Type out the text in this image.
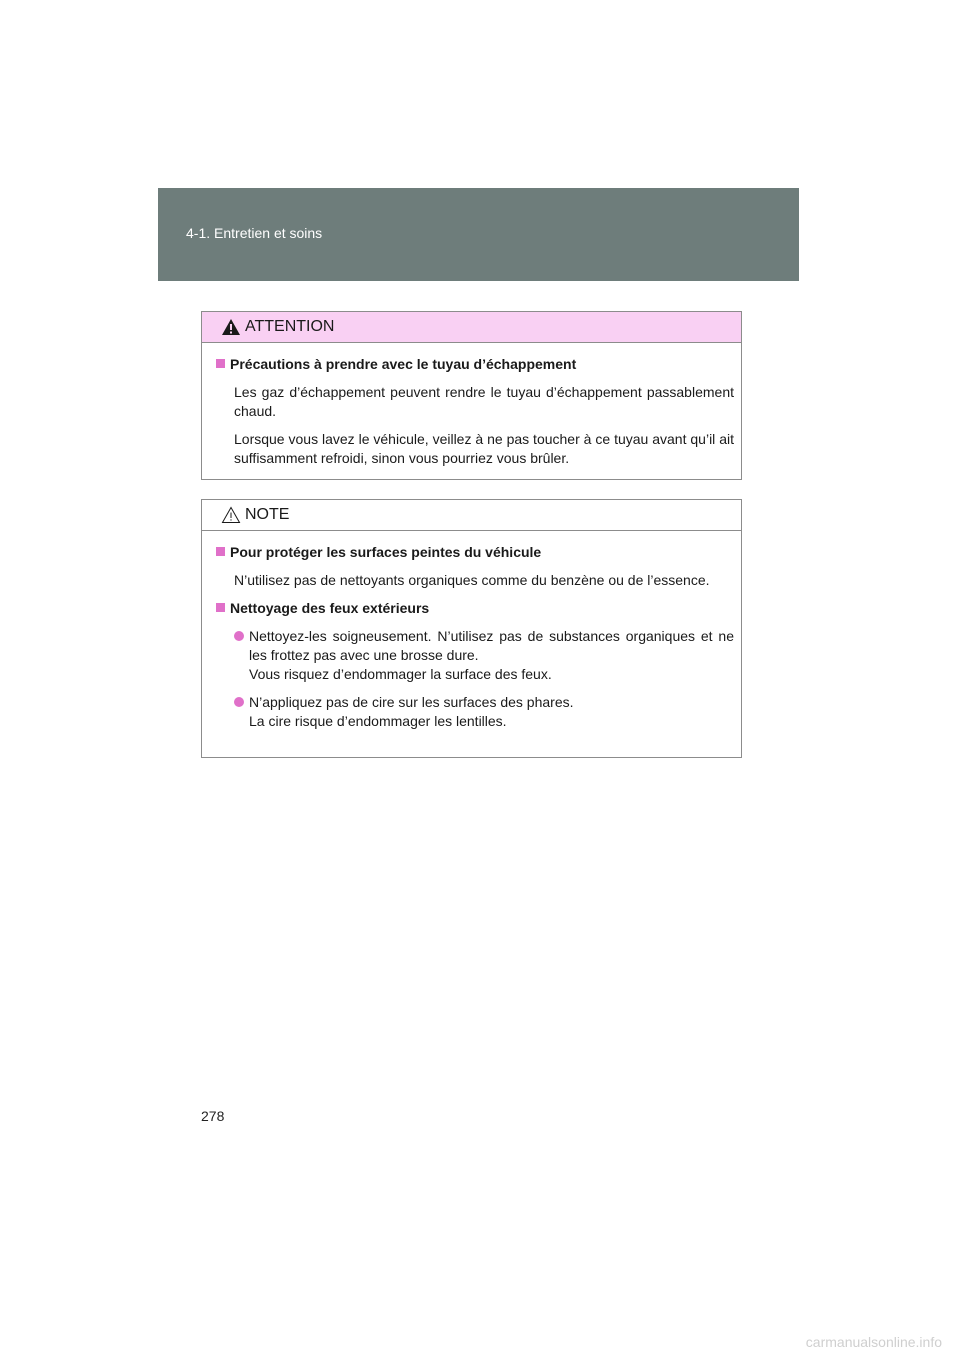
4-1. Entretien et soins
ATTENTION
Précautions à prendre avec le tuyau d’échappement

Les gaz d’échappement peuvent rendre le tuyau d’échappement passablement chaud.

Lorsque vous lavez le véhicule, veillez à ne pas toucher à ce tuyau avant qu’il ait suffisamment refroidi, sinon vous pourriez vous brûler.

NOTE
Pour protéger les surfaces peintes du véhicule

N’utilisez pas de nettoyants organiques comme du benzène ou de l’essence.

Nettoyage des feux extérieurs

Nettoyez-les soigneusement. N’utilisez pas de substances organiques et ne les frottez pas avec une brosse dure.

Vous risquez d’endommager la surface des feux.

N’appliquez pas de cire sur les surfaces des phares.

La cire risque d’endommager les lentilles.

278
carmanualsonline.info
